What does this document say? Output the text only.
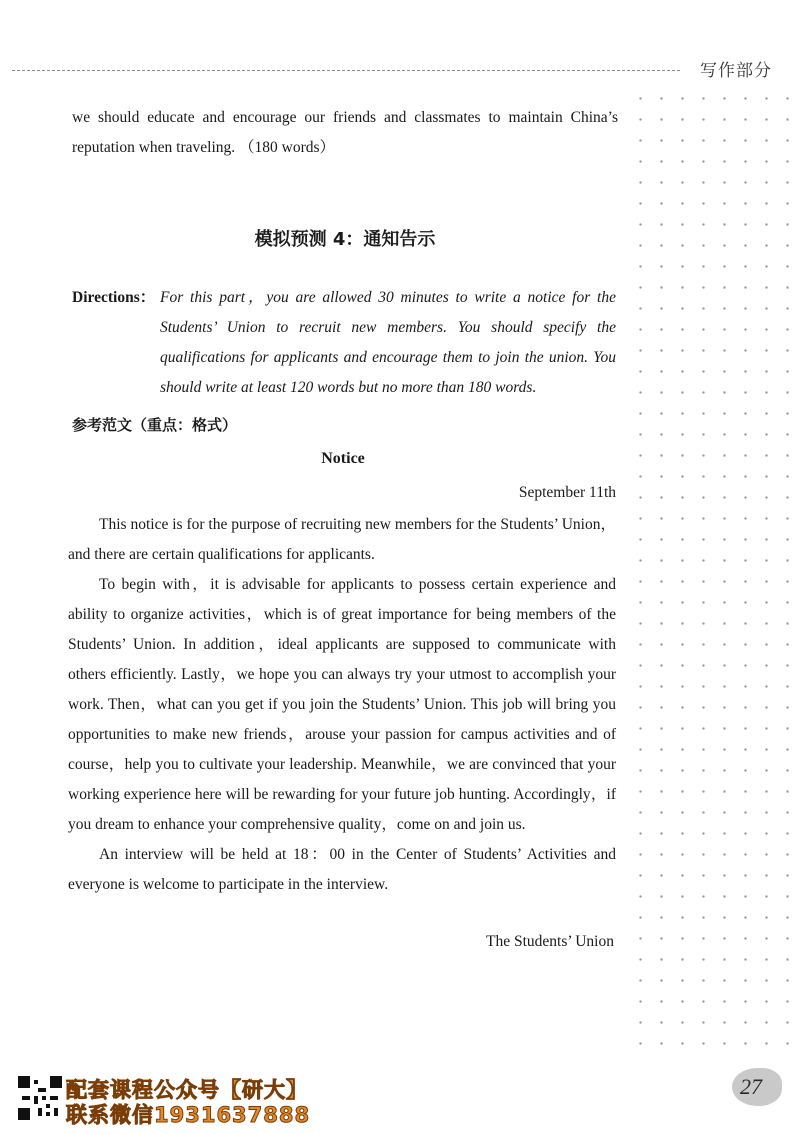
写作部分
we should educate and encourage our friends and classmates to maintain China’s reputation when traveling. （180 words）
模拟预测 4：通知告示
Directions： For this part，you are allowed 30 minutes to write a notice for the Students’ Union to recruit new members. You should specify the qualifications for applicants and encourage them to join the union. You should write at least 120 words but no more than 180 words.
参考范文（重点：格式）
Notice
September 11th

This notice is for the purpose of recruiting new members for the Students’ Union，and there are certain qualifications for applicants.

To begin with，it is advisable for applicants to possess certain experience and ability to organize activities，which is of great importance for being members of the Students’ Union. In addition，ideal applicants are supposed to communicate with others efficiently. Lastly，we hope you can always try your utmost to accomplish your work. Then，what can you get if you join the Students’ Union. This job will bring you opportunities to make new friends，arouse your passion for campus activities and of course，help you to cultivate your leadership. Meanwhile，we are convinced that your working experience here will be rewarding for your future job hunting. Accordingly，if you dream to enhance your comprehensive quality，come on and join us.

An interview will be held at 18：00 in the Center of Students’ Activities and everyone is welcome to participate in the interview.

The Students’ Union
配套课程公众号【研大】
联系微信1931637888
27
